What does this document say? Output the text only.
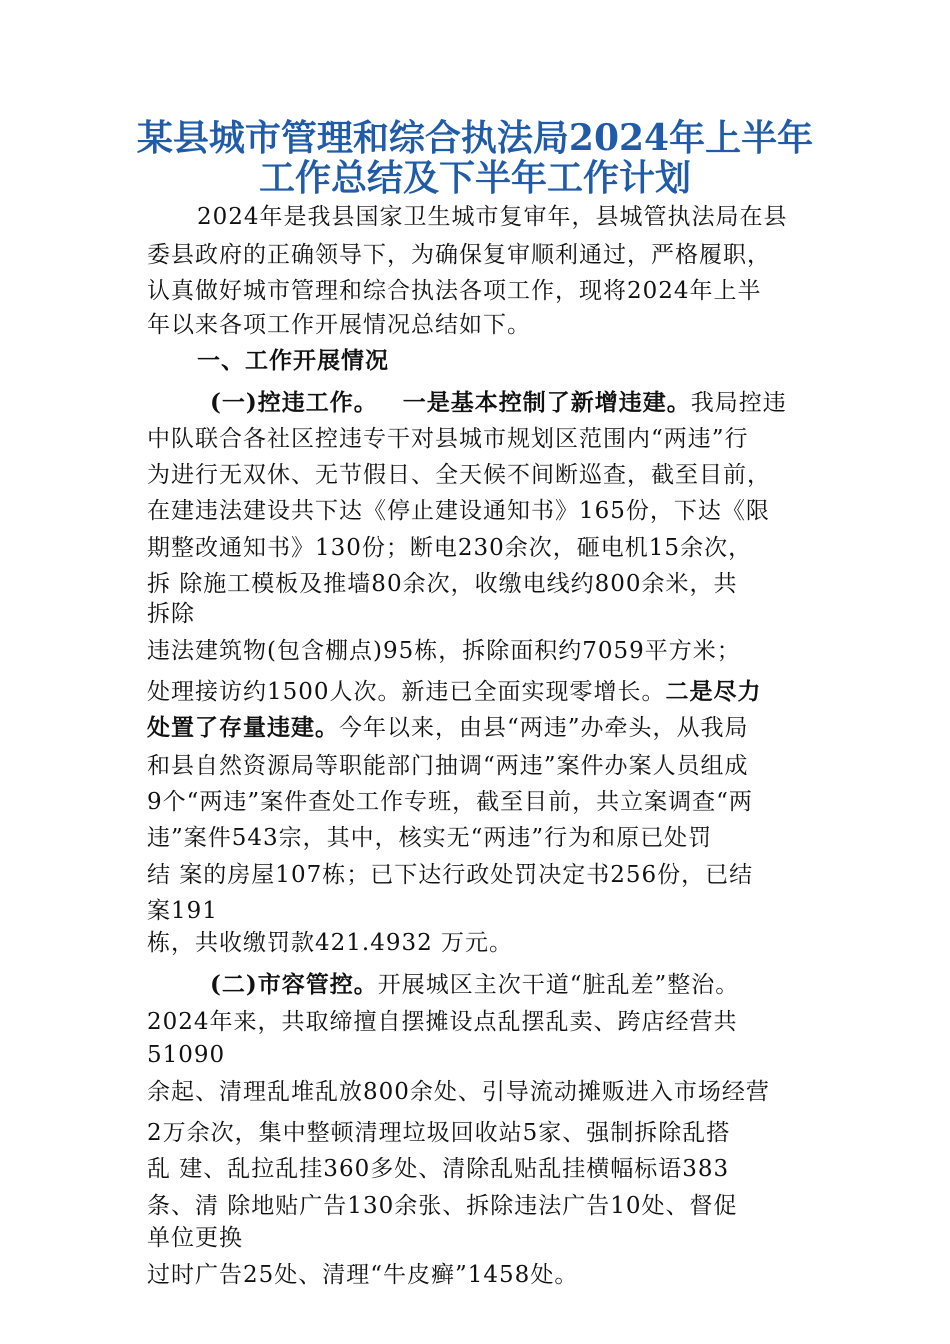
某县城市管理和综合执法局2024年上半年
工作总结及下半年工作计划

2024年是我县国家卫生城市复审年，县城管执法局在县

委县政府的正确领导下，为确保复审顺利通过，严格履职，

认真做好城市管理和综合执法各项工作，现将2024年上半

年以来各项工作开展情况总结如下。

一、工作开展情况

(一)控违工作。 一是基本控制了新增违建。我局控违

中队联合各社区控违专干对县城市规划区范围内“两违”行

为进行无双休、无节假日、全天候不间断巡查，截至目前，

在建违法建设共下达《停止建设通知书》165份，下达《限

期整改通知书》130份；断电230余次，砸电机15余次，

拆 除施工模板及推墙80余次，收缴电线约800余米，共

拆除

违法建筑物(包含棚点)95栋，拆除面积约7059平方米；

处理接访约1500人次。新违已全面实现零增长。二是尽力

处置了存量违建。今年以来，由县“两违”办牵头，从我局

和县自然资源局等职能部门抽调“两违”案件办案人员组成

9个“两违”案件查处工作专班，截至目前，共立案调查“两

违”案件543宗，其中，核实无“两违”行为和原已处罚

结 案的房屋107栋；已下达行政处罚决定书256份，已结

案191

栋，共收缴罚款421.4932 万元。

(二)市容管控。开展城区主次干道“脏乱差”整治。

2024年来，共取缔擅自摆摊设点乱摆乱卖、跨店经营共

51090

余起、清理乱堆乱放800余处、引导流动摊贩进入市场经营

2万余次，集中整顿清理垃圾回收站5家、强制拆除乱搭

乱 建、乱拉乱挂360多处、清除乱贴乱挂横幅标语383

条、清 除地贴广告130余张、拆除违法广告10处、督促

单位更换

过时广告25处、清理“牛皮癣”1458处。
